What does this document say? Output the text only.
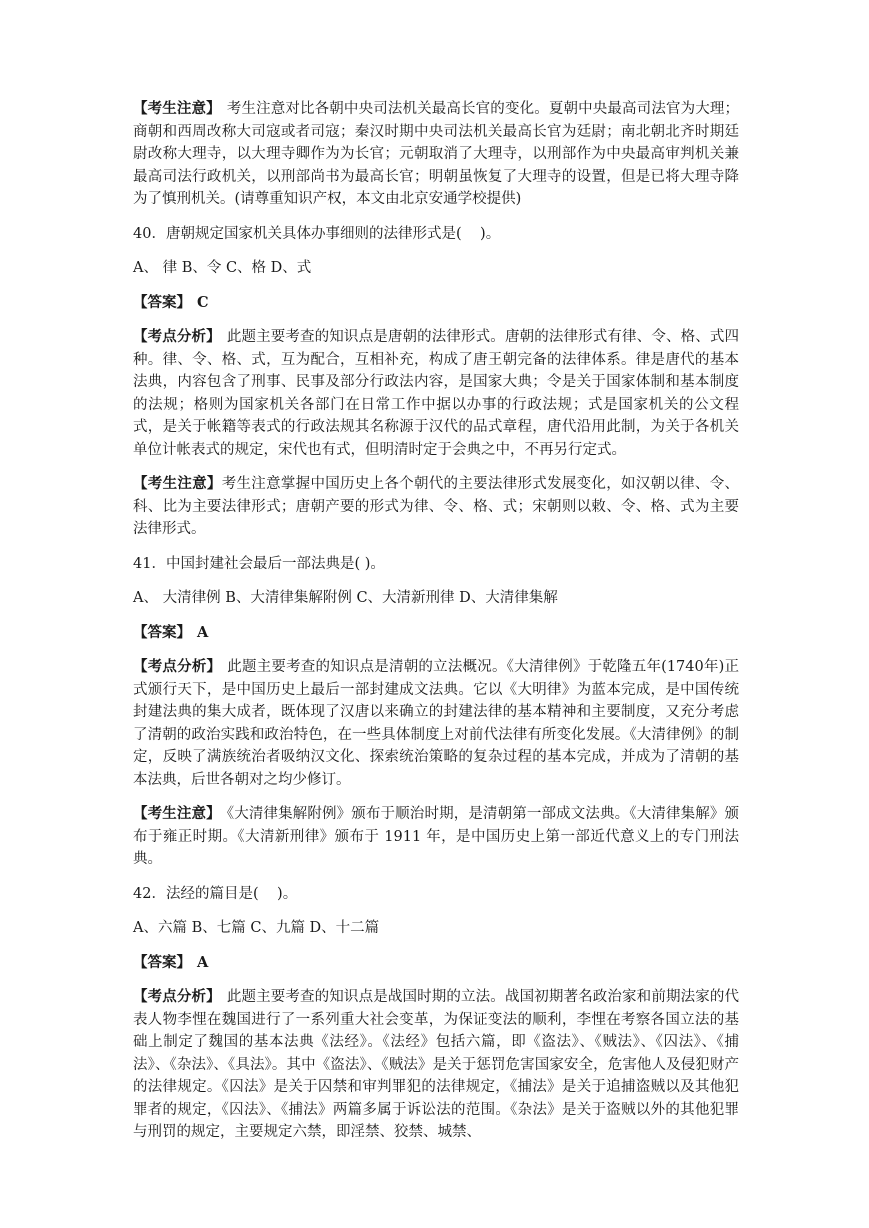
【考生注意】 考生注意对比各朝中央司法机关最高长官的变化。夏朝中央最高司法官为大理；商朝和西周改称大司寇或者司寇；秦汉时期中央司法机关最高长官为廷尉；南北朝北齐时期廷尉改称大理寺，以大理寺卿作为为长官；元朝取消了大理寺，以刑部作为中央最高审判机关兼最高司法行政机关，以刑部尚书为最高长官；明朝虽恢复了大理寺的设置，但是已将大理寺降为了慎刑机关。(请尊重知识产权，本文由北京安通学校提供)

40．唐朝规定国家机关具体办事细则的法律形式是(    )。

A、 律 B、令 C、格 D、式

【答案】 C

【考点分析】 此题主要考查的知识点是唐朝的法律形式。唐朝的法律形式有律、令、格、式四种。律、令、格、式，互为配合，互相补充，构成了唐王朝完备的法律体系。律是唐代的基本法典，内容包含了刑事、民事及部分行政法内容，是国家大典；令是关于国家体制和基本制度的法规；格则为国家机关各部门在日常工作中据以办事的行政法规；式是国家机关的公文程式，是关于帐籍等表式的行政法规其名称源于汉代的品式章程，唐代沿用此制，为关于各机关单位计帐表式的规定，宋代也有式，但明清时定于会典之中，不再另行定式。

【考生注意】考生注意掌握中国历史上各个朝代的主要法律形式发展变化，如汉朝以律、令、科、比为主要法律形式；唐朝产要的形式为律、令、格、式；宋朝则以敕、令、格、式为主要法律形式。

41．中国封建社会最后一部法典是( )。

A、 大清律例 B、大清律集解附例 C、大清新刑律 D、大清律集解

【答案】 A

【考点分析】 此题主要考查的知识点是清朝的立法概况。《大清律例》于乾隆五年(1740年)正式颁行天下，是中国历史上最后一部封建成文法典。它以《大明律》为蓝本完成，是中国传统封建法典的集大成者，既体现了汉唐以来确立的封建法律的基本精神和主要制度，又充分考虑了清朝的政治实践和政治特色，在一些具体制度上对前代法律有所变化发展。《大清律例》的制定，反映了满族统治者吸纳汉文化、探索统治策略的复杂过程的基本完成，并成为了清朝的基本法典，后世各朝对之均少修订。

【考生注意】 《大清律集解附例》颁布于顺治时期，是清朝第一部成文法典。《大清律集解》颁布于雍正时期。《大清新刑律》颁布于 1911 年，是中国历史上第一部近代意义上的专门刑法典。

42．法经的篇目是(    )。

A、六篇 B、七篇 C、九篇 D、十二篇

【答案】 A

【考点分析】 此题主要考查的知识点是战国时期的立法。战国初期著名政治家和前期法家的代表人物李悝在魏国进行了一系列重大社会变革，为保证变法的顺利，李悝在考察各国立法的基础上制定了魏国的基本法典《法经》。《法经》包括六篇，即《盗法》、《贼法》、《囚法》、《捕法》、《杂法》、《具法》。其中《盗法》、《贼法》是关于惩罚危害国家安全，危害他人及侵犯财产的法律规定。《囚法》是关于囚禁和审判罪犯的法律规定，《捕法》是关于追捕盗贼以及其他犯罪者的规定，《囚法》、《捕法》两篇多属于诉讼法的范围。《杂法》是关于盗贼以外的其他犯罪与刑罚的规定，主要规定六禁，即淫禁、狡禁、城禁、
